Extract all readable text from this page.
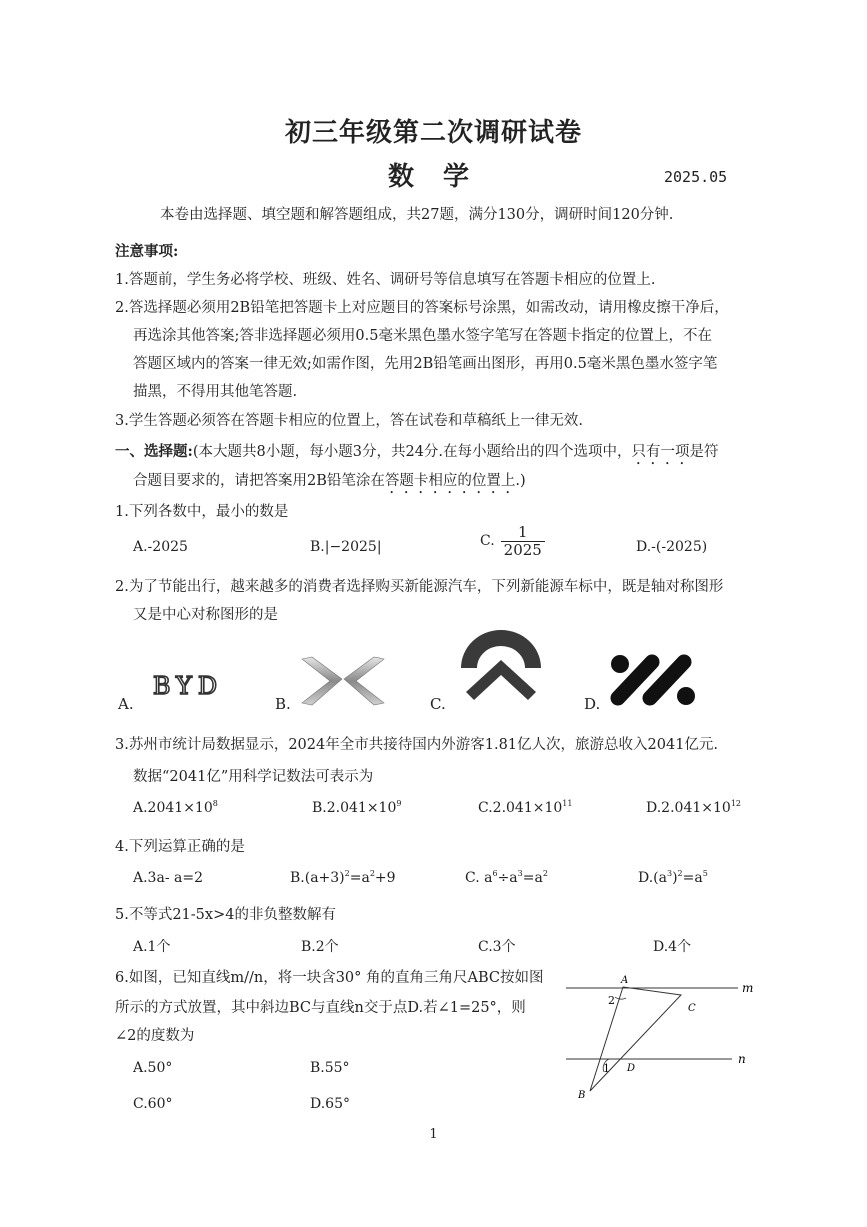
初三年级第二次调研试卷
数 学	2025.05
本卷由选择题、填空题和解答题组成，共27题，满分130分，调研时间120分钟.
注意事项:
1.答题前，学生务必将学校、班级、姓名、调研号等信息填写在答题卡相应的位置上.
2.答选择题必须用2B铅笔把答题卡上对应题目的答案标号涂黑，如需改动，请用橡皮擦干净后，
再选涂其他答案;答非选择题必须用0.5毫米黑色墨水签字笔写在答题卡指定的位置上，不在
答题区域内的答案一律无效;如需作图，先用2B铅笔画出图形，再用0.5毫米黑色墨水签字笔
描黑，不得用其他笔答题.
3.学生答题必须答在答题卡相应的位置上，答在试卷和草稿纸上一律无效.
一、选择题:(本大题共8小题，每小题3分，共24分.在每小题给出的四个选项中，只有一项是符
合题目要求的，请把答案用2B铅笔涂在答题卡相应的位置上.)
1.下列各数中，最小的数是
A.-2025	B.|−2025|	C. $\frac{1}{2025}$	D.-(-2025)
2.为了节能出行，越来越多的消费者选择购买新能源汽车，下列新能源车标中，既是轴对称图形
又是中心对称图形的是
A.
BYD
B.	C.	D.
3.苏州市统计局数据显示，2024年全市共接待国内外游客1.81亿人次，旅游总收入2041亿元.
数据“2041亿”用科学记数法可表示为
$A.2041\times 10^8$	$B.2.041\times 10^9$	$C.2.041\times 10^{11}$	$D.2.041\times 10^{12}$
4.下列运算正确的是
A.3a- a=2	$B.(a+3)^2=a^2+9$	C. $a^6\div a^3=a^2$	$D.(a^3)^2=a^5$
5.不等式21-5x>4的非负整数解有
A.1个	B.2个	C.3个	D.4个
6.如图，已知直线m//n，将一块含30° 角的直角三角尺ABC按如图
所示的方式放置，其中斜边BC与直线n交于点D.若∠1=25°，则
∠2的度数为
A.50°	B.55°
C.60°	D.65°
A
B
C
D
m
n
1
2
1
